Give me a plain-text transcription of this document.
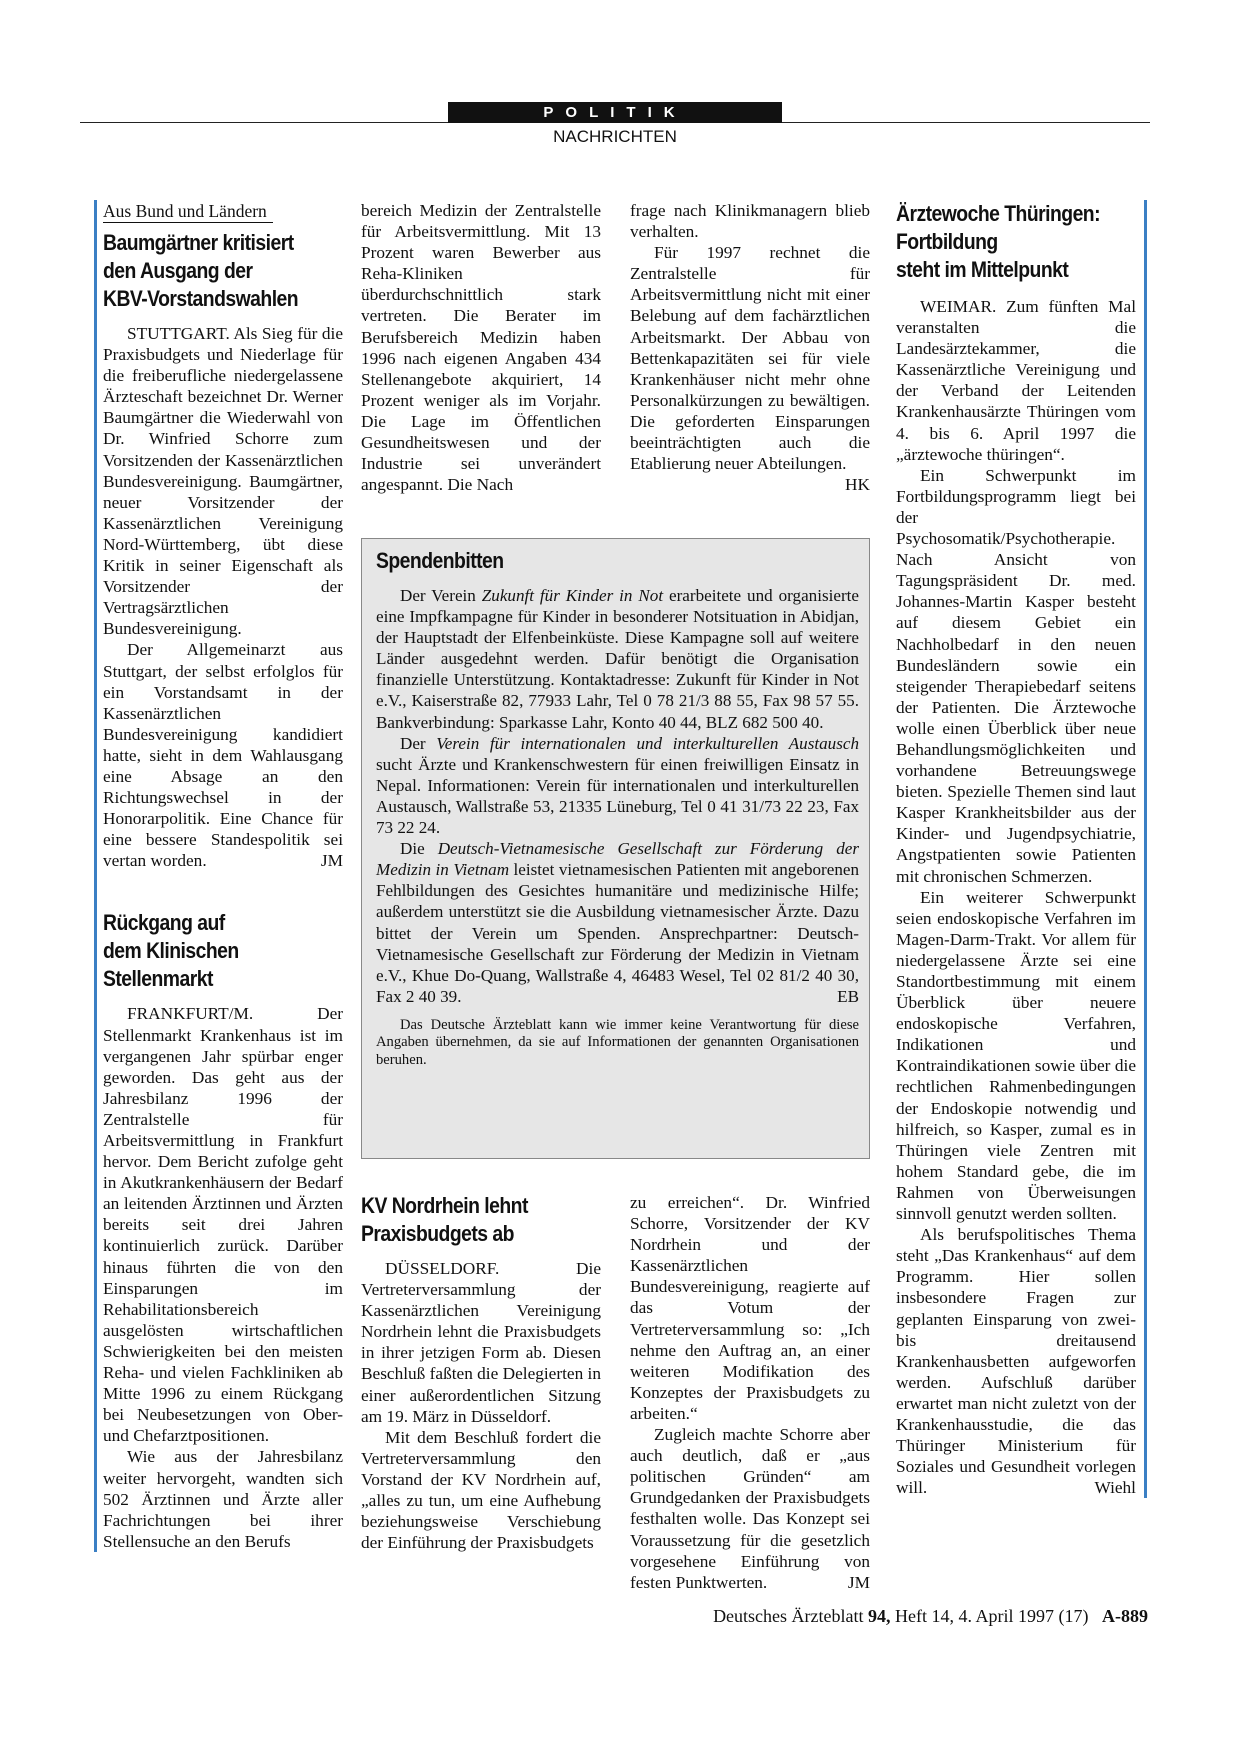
POLITIK
NACHRICHTEN
Aus Bund und Ländern
Baumgärtner kritisiert
den Ausgang der
KBV-Vorstandswahlen

STUTTGART. Als Sieg für die Praxisbudgets und Niederlage für die freiberufliche niedergelassene Ärzteschaft bezeichnet Dr. Werner Baumgärtner die Wiederwahl von Dr. Winfried Schorre zum Vorsitzenden der Kassenärztlichen Bundesvereinigung. Baumgärtner, neuer Vorsitzender der Kassenärztlichen Vereinigung Nord-Württemberg, übt diese Kritik in seiner Eigenschaft als Vorsitzender der Vertragsärztlichen Bundesvereinigung.

Der Allgemeinarzt aus Stuttgart, der selbst erfolglos für ein Vorstandsamt in der Kassenärztlichen Bundesvereinigung kandidiert hatte, sieht in dem Wahlausgang eine Absage an den Richtungswechsel in der Honorarpolitik. Eine Chance für eine bessere Standespolitik sei vertan worden.	JM

Rückgang auf
dem Klinischen
Stellenmarkt

FRANKFURT/M. Der Stellenmarkt Krankenhaus ist im vergangenen Jahr spürbar enger geworden. Das geht aus der Jahresbilanz 1996 der Zentralstelle für Arbeitsvermittlung in Frankfurt hervor. Dem Bericht zufolge geht in Akutkrankenhäusern der Bedarf an leitenden Ärztinnen und Ärzten bereits seit drei Jahren kontinuierlich zurück. Darüber hinaus führten die von den Einsparungen im Rehabilitationsbereich ausgelösten wirtschaftlichen Schwierigkeiten bei den meisten Reha- und vielen Fachkliniken ab Mitte 1996 zu einem Rückgang bei Neubesetzungen von Ober- und Chefarztpositionen.

Wie aus der Jahresbilanz weiter hervorgeht, wandten sich 502 Ärztinnen und Ärzte aller Fachrichtungen bei ihrer Stellensuche an den Berufs

bereich Medizin der Zentralstelle für Arbeitsvermittlung. Mit 13 Prozent waren Bewerber aus Reha-Kliniken überdurchschnittlich stark vertreten. Die Berater im Berufsbereich Medizin haben 1996 nach eigenen Angaben 434 Stellenangebote akquiriert, 14 Prozent weniger als im Vorjahr. Die Lage im Öffentlichen Gesundheitswesen und der Industrie sei unverändert angespannt. Die Nach

frage nach Klinikmanagern blieb verhalten.

Für 1997 rechnet die Zentralstelle für Arbeitsvermittlung nicht mit einer Belebung auf dem fachärztlichen Arbeitsmarkt. Der Abbau von Bettenkapazitäten sei für viele Krankenhäuser nicht mehr ohne Personalkürzungen zu bewältigen. Die geforderten Einsparungen beeinträchtigten auch die Etablierung neuer Abteilungen.
HK

Spendenbitten

Der Verein Zukunft für Kinder in Not erarbeitete und organisierte eine Impfkampagne für Kinder in besonderer Notsituation in Abidjan, der Hauptstadt der Elfenbeinküste. Diese Kampagne soll auf weitere Länder ausgedehnt werden. Dafür benötigt die Organisation finanzielle Unterstützung. Kontaktadresse: Zukunft für Kinder in Not e.V., Kaiserstraße 82, 77933 Lahr, Tel 0 78 21/3 88 55, Fax 98 57 55. Bankverbindung: Sparkasse Lahr, Konto 40 44, BLZ 682 500 40.

Der Verein für internationalen und interkulturellen Austausch sucht Ärzte und Krankenschwestern für einen freiwilligen Einsatz in Nepal. Informationen: Verein für internationalen und interkulturellen Austausch, Wallstraße 53, 21335 Lüneburg, Tel 0 41 31/73 22 23, Fax 73 22 24.

Die Deutsch-Vietnamesische Gesellschaft zur Förderung der Medizin in Vietnam leistet vietnamesischen Patienten mit angeborenen Fehlbildungen des Gesichtes humanitäre und medizinische Hilfe; außerdem unterstützt sie die Ausbildung vietnamesischer Ärzte. Dazu bittet der Verein um Spenden. Ansprechpartner: Deutsch-Vietnamesische Gesellschaft zur Förderung der Medizin in Vietnam e.V., Khue Do-Quang, Wallstraße 4, 46483 Wesel, Tel 02 81/2 40 30, Fax 2 40 39.	EB

Das Deutsche Ärzteblatt kann wie immer keine Verantwortung für diese Angaben übernehmen, da sie auf Informationen der genannten Organisationen beruhen.
KV Nordrhein lehnt
Praxisbudgets ab

DÜSSELDORF. Die Vertreterversammlung der Kassenärztlichen Vereinigung Nordrhein lehnt die Praxisbudgets in ihrer jetzigen Form ab. Diesen Beschluß faßten die Delegierten in einer außerordentlichen Sitzung am 19. März in Düsseldorf.

Mit dem Beschluß fordert die Vertreterversammlung den Vorstand der KV Nordrhein auf, „alles zu tun, um eine Aufhebung beziehungsweise Verschiebung der Einführung der Praxisbudgets

zu erreichen“. Dr. Winfried Schorre, Vorsitzender der KV Nordrhein und der Kassenärztlichen Bundesvereinigung, reagierte auf das Votum der Vertreterversammlung so: „Ich nehme den Auftrag an, an einer weiteren Modifikation des Konzeptes der Praxisbudgets zu arbeiten.“

Zugleich machte Schorre aber auch deutlich, daß er „aus politischen Gründen“ am Grundgedanken der Praxisbudgets festhalten wolle. Das Konzept sei Voraussetzung für die gesetzlich vorgesehene Einführung von festen Punktwerten.	JM

Ärztewoche Thüringen:
Fortbildung
steht im Mittelpunkt

WEIMAR. Zum fünften Mal veranstalten die Landesärztekammer, die Kassenärztliche Vereinigung und der Verband der Leitenden Krankenhausärzte Thüringen vom 4. bis 6. April 1997 die „ärztewoche thüringen“.

Ein Schwerpunkt im Fortbildungsprogramm liegt bei der Psychosomatik/Psychotherapie. Nach Ansicht von Tagungspräsident Dr. med. Johannes-Martin Kasper besteht auf diesem Gebiet ein Nachholbedarf in den neuen Bundesländern sowie ein steigender Therapiebedarf seitens der Patienten. Die Ärztewoche wolle einen Überblick über neue Behandlungsmöglichkeiten und vorhandene Betreuungswege bieten. Spezielle Themen sind laut Kasper Krankheitsbilder aus der Kinder- und Jugendpsychiatrie, Angstpatienten sowie Patienten mit chronischen Schmerzen.

Ein weiterer Schwerpunkt seien endoskopische Verfahren im Magen-Darm-Trakt. Vor allem für niedergelassene Ärzte sei eine Standortbestimmung mit einem Überblick über neuere endoskopische Verfahren, Indikationen und Kontraindikationen sowie über die rechtlichen Rahmenbedingungen der Endoskopie notwendig und hilfreich, so Kasper, zumal es in Thüringen viele Zentren mit hohem Standard gebe, die im Rahmen von Überweisungen sinnvoll genutzt werden sollten.

Als berufspolitisches Thema steht „Das Krankenhaus“ auf dem Programm. Hier sollen insbesondere Fragen zur geplanten Einsparung von zwei- bis dreitausend Krankenhausbetten aufgeworfen werden. Aufschluß darüber erwartet man nicht zuletzt von der Krankenhausstudie, die das Thüringer Ministerium für Soziales und Gesundheit vorlegen will.	Wiehl

Deutsches Ärzteblatt 94, Heft 14, 4. April 1997 (17) A-889
